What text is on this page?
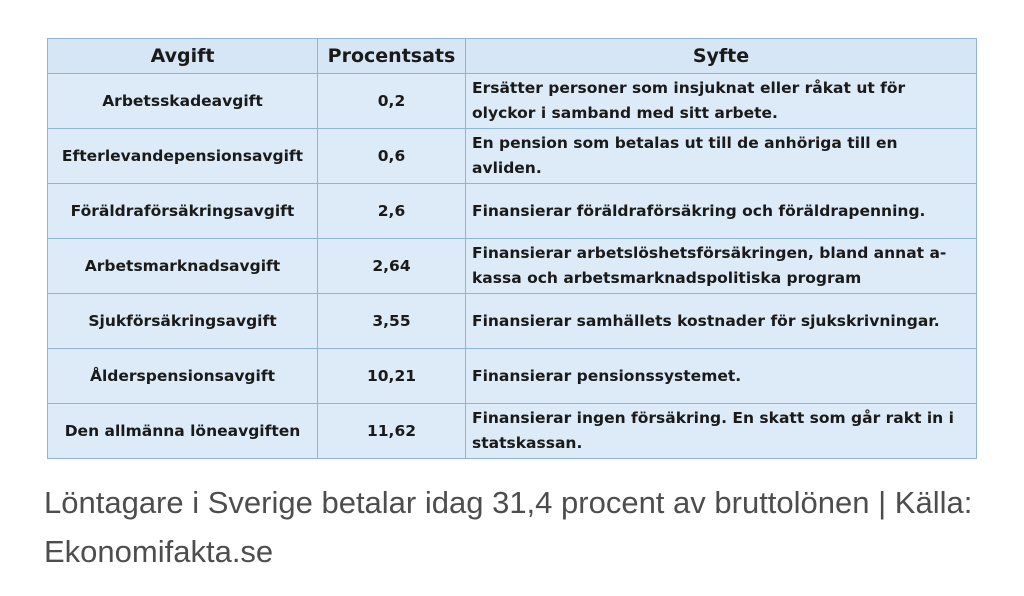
Avgift	Procentsats	Syfte
Arbetsskadeavgift	0,2	Ersätter personer som insjuknat eller råkat ut för olyckor i samband med sitt arbete.
Efterlevandepensionsavgift	0,6	En pension som betalas ut till de anhöriga till en avliden.
Föräldraförsäkringsavgift	2,6	Finansierar föräldraförsäkring och föräldrapenning.
Arbetsmarknadsavgift	2,64	Finansierar arbetslöshetsförsäkringen, bland annat a-kassa och arbetsmarknadspolitiska program
Sjukförsäkringsavgift	3,55	Finansierar samhällets kostnader för sjukskrivningar.
Ålderspensionsavgift	10,21	Finansierar pensionssystemet.
Den allmänna löneavgiften	11,62	Finansierar ingen försäkring. En skatt som går rakt in i statskassan.

Löntagare i Sverige betalar idag 31,4 procent av bruttolönen | Källa: Ekonomifakta.se
